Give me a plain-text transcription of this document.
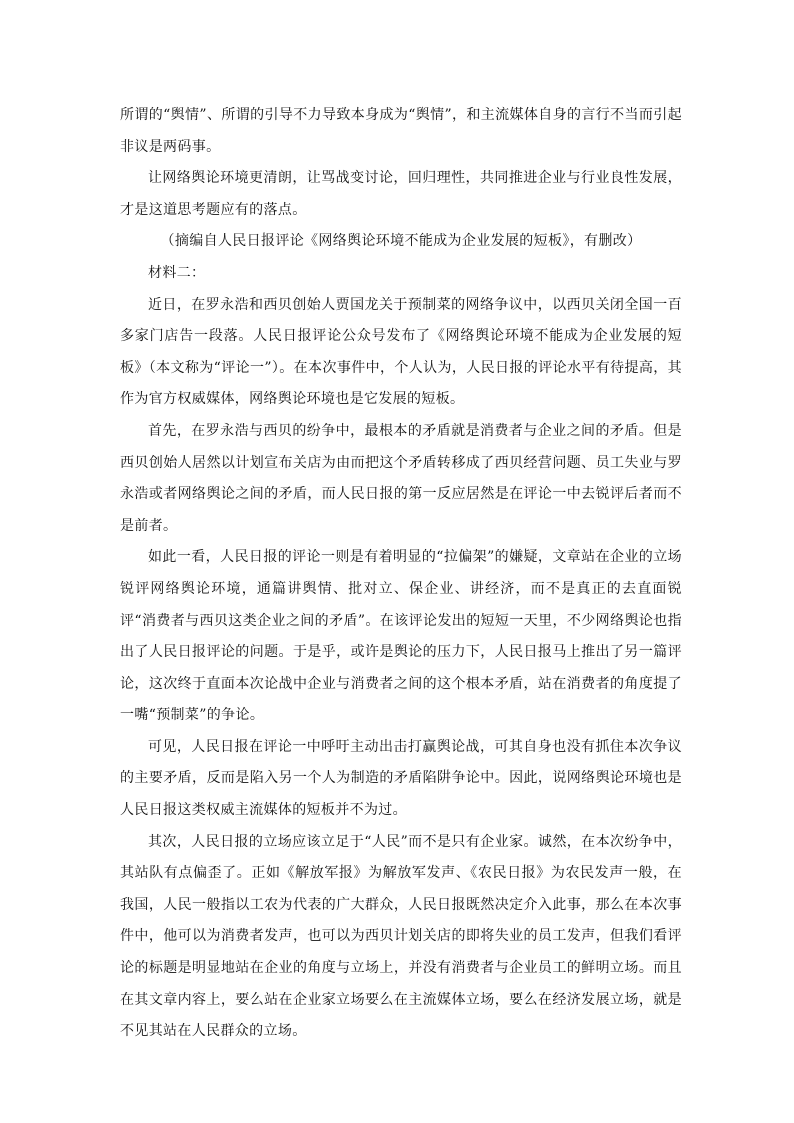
所谓的“舆情”、所谓的引导不力导致本身成为“舆情”，和主流媒体自身的言行不当而引起非议是两码事。

让网络舆论环境更清朗，让骂战变讨论，回归理性，共同推进企业与行业良性发展，才是这道思考题应有的落点。

（摘编自人民日报评论《网络舆论环境不能成为企业发展的短板》，有删改）

材料二：

近日，在罗永浩和西贝创始人贾国龙关于预制菜的网络争议中，以西贝关闭全国一百多家门店告一段落。人民日报评论公众号发布了《网络舆论环境不能成为企业发展的短板》（本文称为“评论一”）。在本次事件中，个人认为，人民日报的评论水平有待提高，其作为官方权威媒体，网络舆论环境也是它发展的短板。

首先，在罗永浩与西贝的纷争中，最根本的矛盾就是消费者与企业之间的矛盾。但是西贝创始人居然以计划宣布关店为由而把这个矛盾转移成了西贝经营问题、员工失业与罗永浩或者网络舆论之间的矛盾，而人民日报的第一反应居然是在评论一中去锐评后者而不是前者。

如此一看，人民日报的评论一则是有着明显的“拉偏架”的嫌疑，文章站在企业的立场锐评网络舆论环境，通篇讲舆情、批对立、保企业、讲经济，而不是真正的去直面锐评“消费者与西贝这类企业之间的矛盾”。在该评论发出的短短一天里，不少网络舆论也指出了人民日报评论的问题。于是乎，或许是舆论的压力下，人民日报马上推出了另一篇评论，这次终于直面本次论战中企业与消费者之间的这个根本矛盾，站在消费者的角度提了一嘴“预制菜”的争论。

可见，人民日报在评论一中呼吁主动出击打赢舆论战，可其自身也没有抓住本次争议的主要矛盾，反而是陷入另一个人为制造的矛盾陷阱争论中。因此，说网络舆论环境也是人民日报这类权威主流媒体的短板并不为过。

其次，人民日报的立场应该立足于“人民”而不是只有企业家。诚然，在本次纷争中，其站队有点偏歪了。正如《解放军报》为解放军发声、《农民日报》为农民发声一般，在我国，人民一般指以工农为代表的广大群众，人民日报既然决定介入此事，那么在本次事件中，他可以为消费者发声，也可以为西贝计划关店的即将失业的员工发声，但我们看评论的标题是明显地站在企业的角度与立场上，并没有消费者与企业员工的鲜明立场。而且在其文章内容上，要么站在企业家立场要么在主流媒体立场，要么在经济发展立场，就是不见其站在人民群众的立场。
